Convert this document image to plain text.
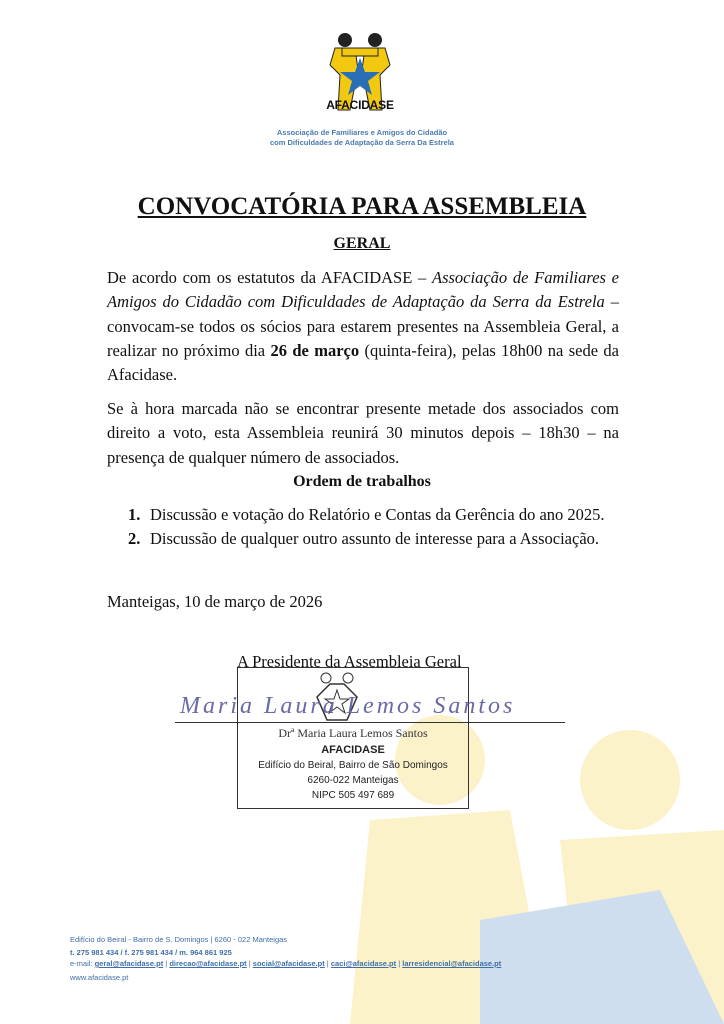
AFACIDASE
Associação de Familiares e Amigos do Cidadão
com Dificuldades de Adaptação da Serra Da Estrela
CONVOCATÓRIA PARA ASSEMBLEIA
GERAL
De acordo com os estatutos da AFACIDASE – Associação de Familiares e Amigos do Cidadão com Dificuldades de Adaptação da Serra da Estrela – convocam-se todos os sócios para estarem presentes na Assembleia Geral, a realizar no próximo dia 26 de março (quinta-feira), pelas 18h00 na sede da Afacidase.
Se à hora marcada não se encontrar presente metade dos associados com direito a voto, esta Assembleia reunirá 30 minutos depois – 18h30 – na presença de qualquer número de associados.
Ordem de trabalhos
1. Discussão e votação do Relatório e Contas da Gerência do ano 2025.
2. Discussão de qualquer outro assunto de interesse para a Associação.
Manteigas, 10 de março de 2026
A Presidente da Assembleia Geral
Maria Laura Lemos Santos
Drª Maria Laura Lemos Santos
AFACIDASE
Edifício do Beiral, Bairro de São Domingos
6260-022 Manteigas
NIPC 505 497 689
Edifício do Beiral - Bairro de S. Domingos | 6260 - 022 Manteigas
t. 275 981 434 / f. 275 981 434 / m. 964 861 925
e-mail: geral@afacidase.pt | direcao@afacidase.pt | social@afacidase.pt | caci@afacidase.pt | larresidencial@afacidase.pt
www.afacidase.pt
